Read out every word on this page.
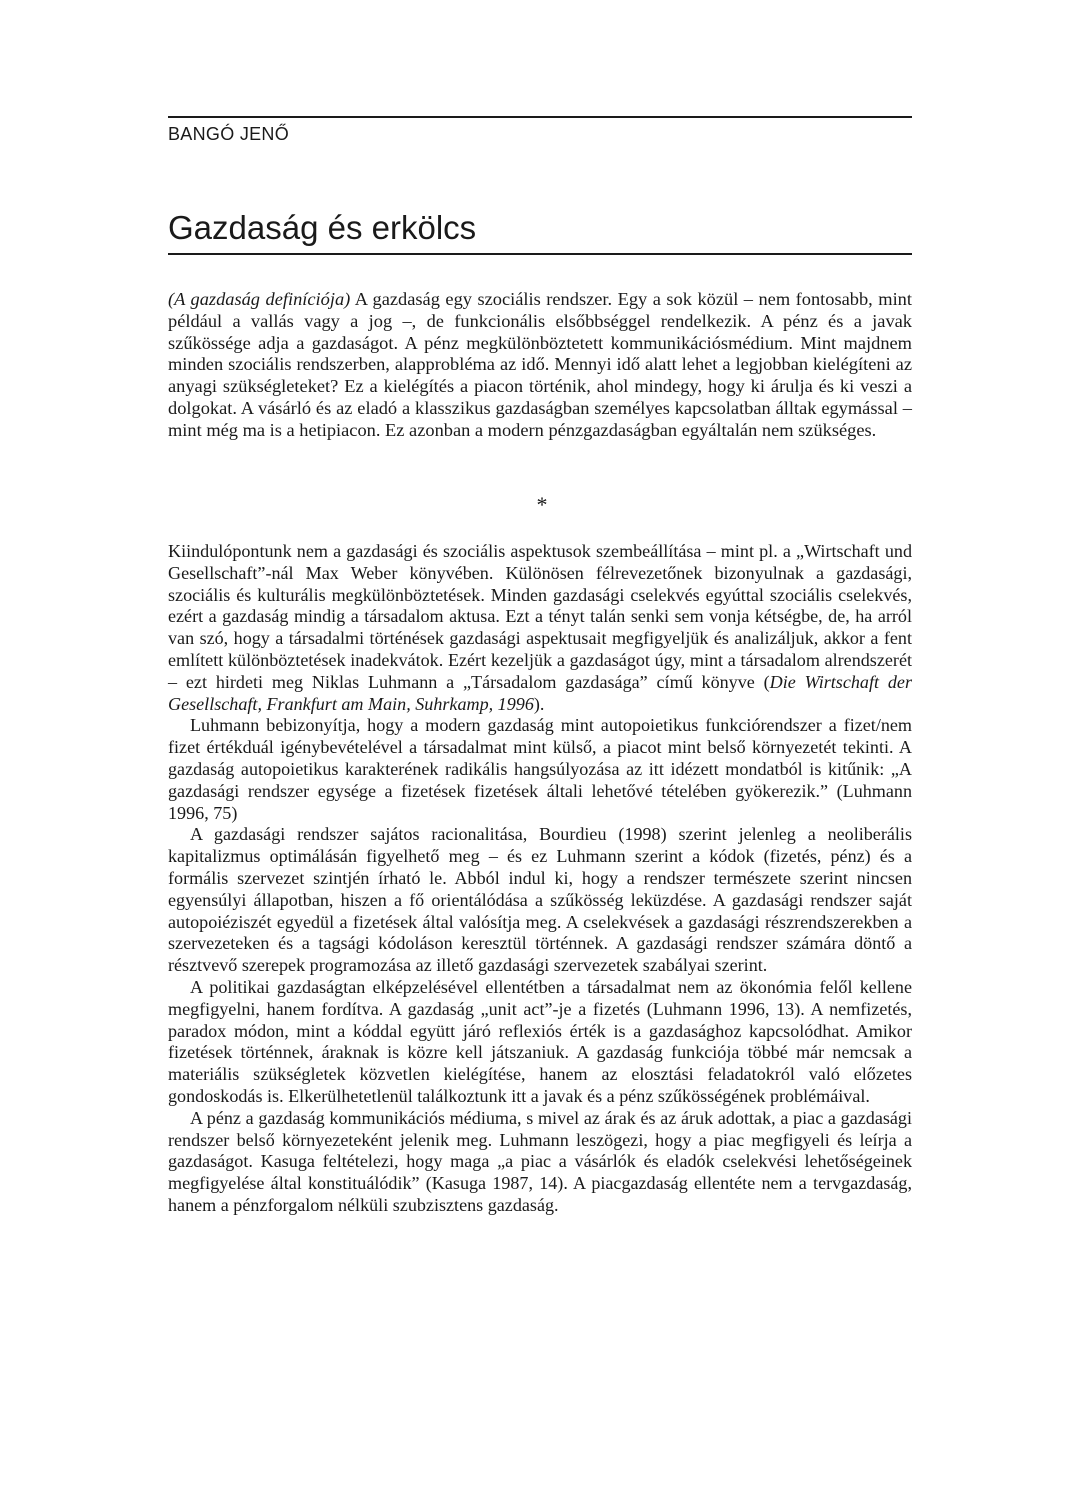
BANGÓ JENŐ
Gazdaság és erkölcs

(A gazdaság definíciója) A gazdaság egy szociális rendszer. Egy a sok közül – nem fontosabb, mint például a vallás vagy a jog –, de funkcionális elsőbbséggel rendelkezik. A pénz és a javak szűkössége adja a gazdaságot. A pénz megkülönböztetett kommunikációsmédium. Mint majdnem minden szociális rendszerben, alapprobléma az idő. Mennyi idő alatt lehet a legjobban kielégíteni az anyagi szükségleteket? Ez a kielégítés a piacon történik, ahol mindegy, hogy ki árulja és ki veszi a dolgokat. A vásárló és az eladó a klasszikus gazdaságban személyes kapcsolatban álltak egymással – mint még ma is a hetipiacon. Ez azonban a modern pénzgazdaságban egyáltalán nem szükséges.

*

Kiindulópontunk nem a gazdasági és szociális aspektusok szembeállítása – mint pl. a „Wirtschaft und Gesellschaft”-nál Max Weber könyvében. Különösen félrevezetőnek bizonyulnak a gazdasági, szociális és kulturális megkülönböztetések. Minden gazdasági cselekvés egyúttal szociális cselekvés, ezért a gazdaság mindig a társadalom aktusa. Ezt a tényt talán senki sem vonja kétségbe, de, ha arról van szó, hogy a társadalmi történések gazdasági aspektusait megfigyeljük és analizáljuk, akkor a fent említett különböztetések inadekvátok. Ezért kezeljük a gazdaságot úgy, mint a társadalom alrendszerét – ezt hirdeti meg Niklas Luhmann a „Társadalom gazdasága” című könyve (Die Wirtschaft der Gesellschaft, Frankfurt am Main, Suhrkamp, 1996).

Luhmann bebizonyítja, hogy a modern gazdaság mint autopoietikus funkciórendszer a fizet/nem fizet értékduál igénybevételével a társadalmat mint külső, a piacot mint belső környezetét tekinti. A gazdaság autopoietikus karakterének radikális hangsúlyozása az itt idézett mondatból is kitűnik: „A gazdasági rendszer egysége a fizetések fizetések általi lehetővé tételében gyökerezik.” (Luhmann 1996, 75)

A gazdasági rendszer sajátos racionalitása, Bourdieu (1998) szerint jelenleg a neoliberális kapitalizmus optimálásán figyelhető meg – és ez Luhmann szerint a kódok (fizetés, pénz) és a formális szervezet szintjén írható le. Abból indul ki, hogy a rendszer természete szerint nincsen egyensúlyi állapotban, hiszen a fő orientálódása a szűkösség leküzdése. A gazdasági rendszer saját autopoiéziszét egyedül a fizetések által valósítja meg. A cselekvések a gazdasági részrendszerekben a szervezeteken és a tagsági kódoláson keresztül történnek. A gazdasági rendszer számára döntő a résztvevő szerepek programozása az illető gazdasági szervezetek szabályai szerint.

A politikai gazdaságtan elképzelésével ellentétben a társadalmat nem az ökonómia felől kellene megfigyelni, hanem fordítva. A gazdaság „unit act”-je a fizetés (Luhmann 1996, 13). A nemfizetés, paradox módon, mint a kóddal együtt járó reflexiós érték is a gazdasághoz kapcsolódhat. Amikor fizetések történnek, áraknak is közre kell játszaniuk. A gazdaság funkciója többé már nemcsak a materiális szükségletek közvetlen kielégítése, hanem az elosztási feladatokról való előzetes gondoskodás is. Elkerülhetetlenül találkoztunk itt a javak és a pénz szűkösségének problémáival.

A pénz a gazdaság kommunikációs médiuma, s mivel az árak és az áruk adottak, a piac a gazdasági rendszer belső környezeteként jelenik meg. Luhmann leszögezi, hogy a piac megfigyeli és leírja a gazdaságot. Kasuga feltételezi, hogy maga „a piac a vásárlók és eladók cselekvési lehetőségeinek megfigyelése által konstituálódik” (Kasuga 1987, 14). A piacgazdaság ellentéte nem a tervgazdaság, hanem a pénzforgalom nélküli szubzisztens gazdaság.
